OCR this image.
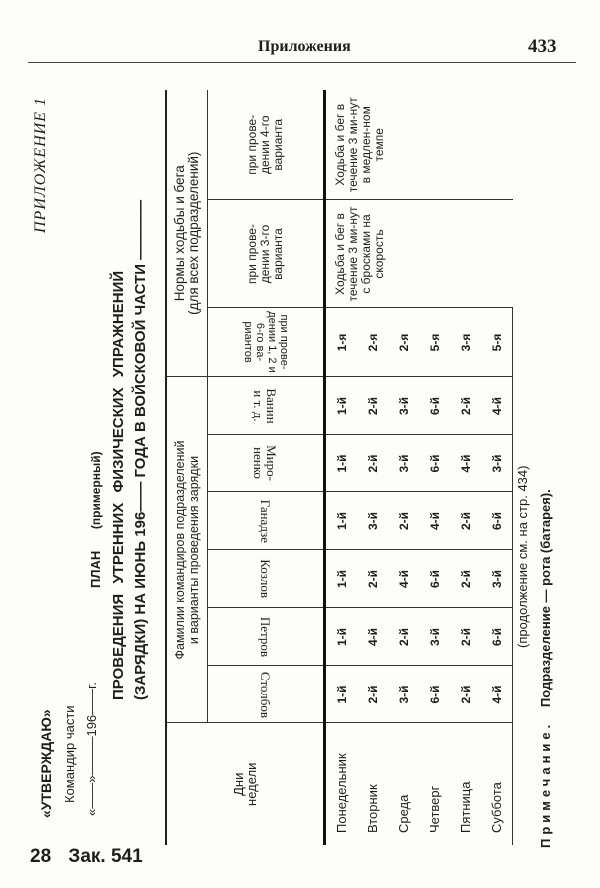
Приложения	433
28 Зак. 541
ПРИЛОЖЕНИЕ 1
«УТВЕРЖДАЮ» Командир части «——»———196——г.
ПЛАН (примерный) ПРОВЕДЕНИЯ УТРЕННИХ ФИЗИЧЕСКИХ УПРАЖНЕНИЙ (ЗАРЯДКИ) НА ИЮНЬ 196—— ГОДА В ВОЙСКОВОЙ ЧАСТИ ————
Дни недели	Фамилии командиров подразделений и варианты проведения зарядки						Нормы ходьбы и бега (для всех подразделений)		
	Столбов	Петров	Козлов	Ганадзе	Миро-ненко	Ванин и т. д.	при прове-дении 1, 2 и 6-го ва-риантов	при прове-дении 3-го варианта	при прове-дении 4-го варианта
Понедельник	1-й	1-й	1-й	1-й	1-й	1-й	1-я	Ходьба и бег в течение 3 ми-нут с бросками на скорость	Ходьба и бег в течение 3 ми-нут в медлен-ном темпе
Вторник	2-й	4-й	2-й	3-й	2-й	2-й	2-я		
Среда	3-й	2-й	4-й	2-й	3-й	3-й	2-я		
Четверг	6-й	3-й	6-й	4-й	6-й	6-й	5-я		
Пятница	2-й	2-й	2-й	2-й	4-й	2-й	3-я		
Суббота	4-й	6-й	3-й	6-й	3-й	4-й	5-я		
(продолжение см. на стр. 434)
Примечание. Подразделение — рота (батарея).
